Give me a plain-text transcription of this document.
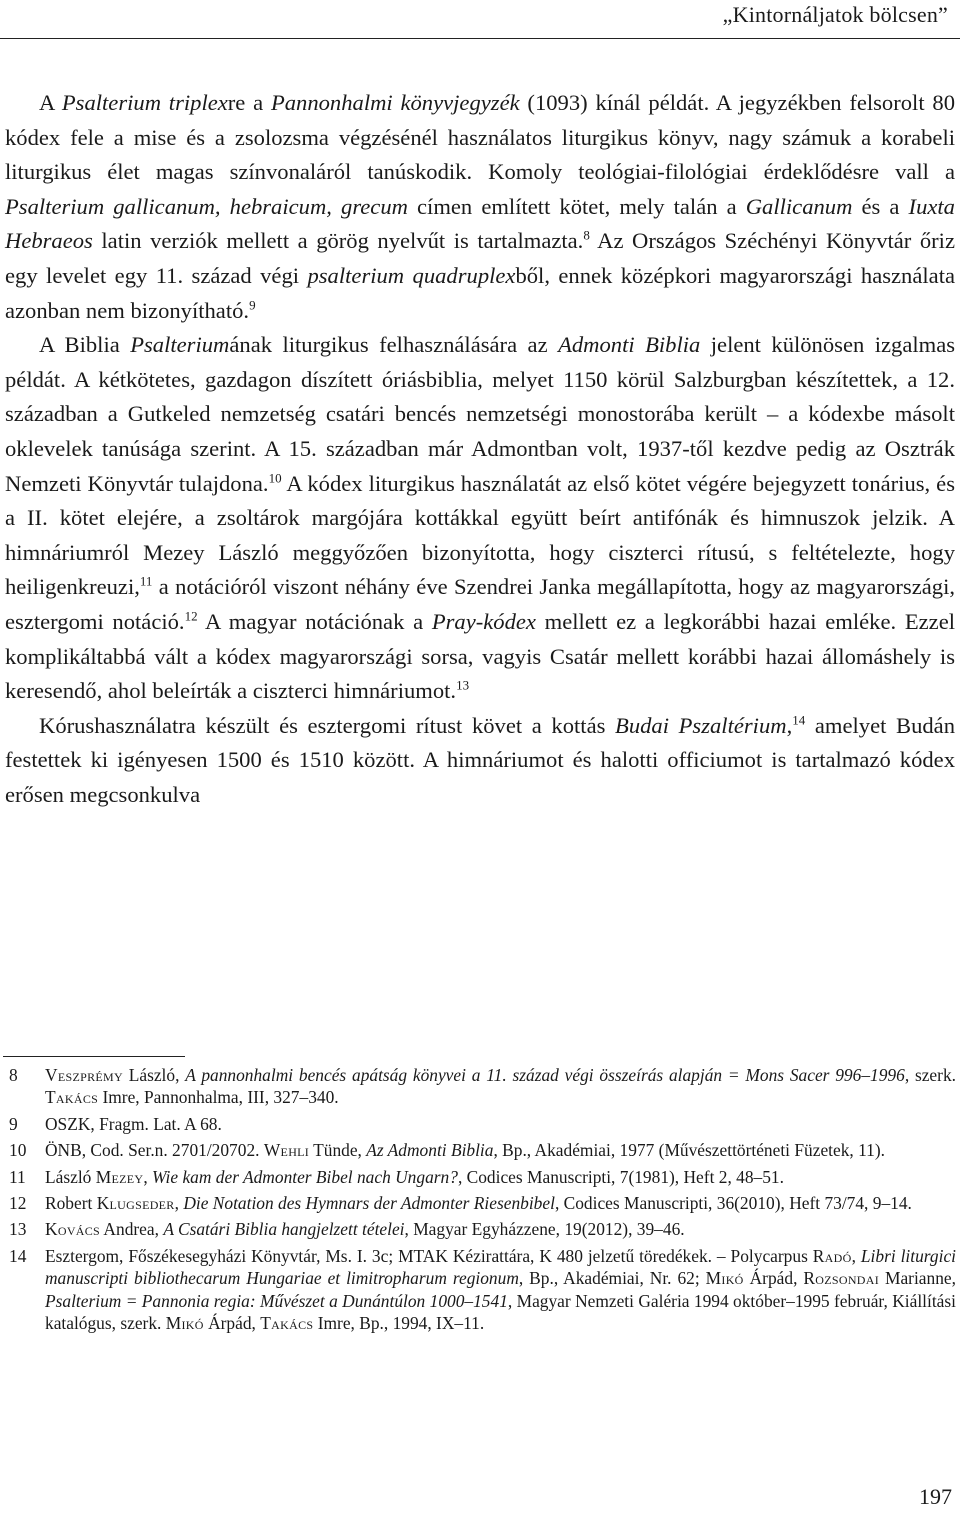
„Kintornáljatok bölcsen”

A Psalterium triplexre a Pannonhalmi könyvjegyzék (1093) kínál példát. A jegyzékben felsorolt 80 kódex fele a mise és a zsolozsma végzésénél használatos liturgikus könyv, nagy számuk a korabeli liturgikus élet magas színvonaláról tanúskodik. Komoly teológiai-filológiai érdeklődésre vall a Psalterium gallicanum, hebraicum, grecum címen említett kötet, mely talán a Gallicanum és a Iuxta Hebraeos latin verziók mellett a görög nyelvűt is tartalmazta.$^8$ Az Országos Széchényi Könyvtár őriz egy levelet egy 11. század végi psalterium quadruplexből, ennek középkori magyarországi használata azonban nem bizonyítható.$^9$

A Biblia Psalteriumának liturgikus felhasználására az Admonti Biblia jelent különösen izgalmas példát. A kétkötetes, gazdagon díszített óriásbiblia, melyet 1150 körül Salzburgban készítettek, a 12. században a Gutkeled nemzetség csatári bencés nemzetségi monostorába került – a kódexbe másolt oklevelek tanúsága szerint. A 15. században már Admontban volt, 1937-től kezdve pedig az Osztrák Nemzeti Könyvtár tulajdona.$^{10}$ A kódex liturgikus használatát az első kötet végére bejegyzett tonárius, és a II. kötet elejére, a zsoltárok margójára kottákkal együtt beírt antifónák és himnuszok jelzik. A himnáriumról Mezey László meggyőzően bizonyította, hogy ciszterci rítusú, s feltételezte, hogy heiligenkreuzi,$^{11}$ a notációról viszont néhány éve Szendrei Janka megállapította, hogy az magyarországi, esztergomi notáció.$^{12}$ A magyar notációnak a Pray-kódex mellett ez a legkorábbi hazai emléke. Ezzel komplikáltabbá vált a kódex magyarországi sorsa, vagyis Csatár mellett korábbi hazai állomáshely is keresendő, ahol beleírták a ciszterci himnáriumot.$^{13}$

Kórushasználatra készült és esztergomi rítust követ a kottás Budai Pszaltérium,$^{14}$ amelyet Budán festettek ki igényesen 1500 és 1510 között. A himnáriumot és halotti officiumot is tartalmazó kódex erősen megcsonkulva

8	Veszprémy László, A pannonhalmi bencés apátság könyvei a 11. század végi összeírás alapján = Mons Sacer 996–1996, szerk. Takács Imre, Pannonhalma, III, 327–340.
9	OSZK, Fragm. Lat. A 68.
10	ÖNB, Cod. Ser.n. 2701/20702. Wehli Tünde, Az Admonti Biblia, Bp., Akadémiai, 1977 (Művészettörténeti Füzetek, 11).
11	László Mezey, Wie kam der Admonter Bibel nach Ungarn?, Codices Manuscripti, 7(1981), Heft 2, 48–51.
12	Robert Klugseder, Die Notation des Hymnars der Admonter Riesenbibel, Codices Manuscripti, 36(2010), Heft 73/74, 9–14.
13	Kovács Andrea, A Csatári Biblia hangjelzett tételei, Magyar Egyházzene, 19(2012), 39–46.
14	Esztergom, Főszékesegyházi Könyvtár, Ms. I. 3c; MTAK Kézirattára, K 480 jelzetű töredékek. – Polycarpus Radó, Libri liturgici manuscripti bibliothecarum Hungariae et limitropharum regionum, Bp., Akadémiai, Nr. 62; Mikó Árpád, Rozsondai Marianne, Psalterium = Pannonia regia: Művészet a Dunántúlon 1000–1541, Magyar Nemzeti Galéria 1994 október–1995 február, Kiállítási katalógus, szerk. Mikó Árpád, Takács Imre, Bp., 1994, IX–11.
197
